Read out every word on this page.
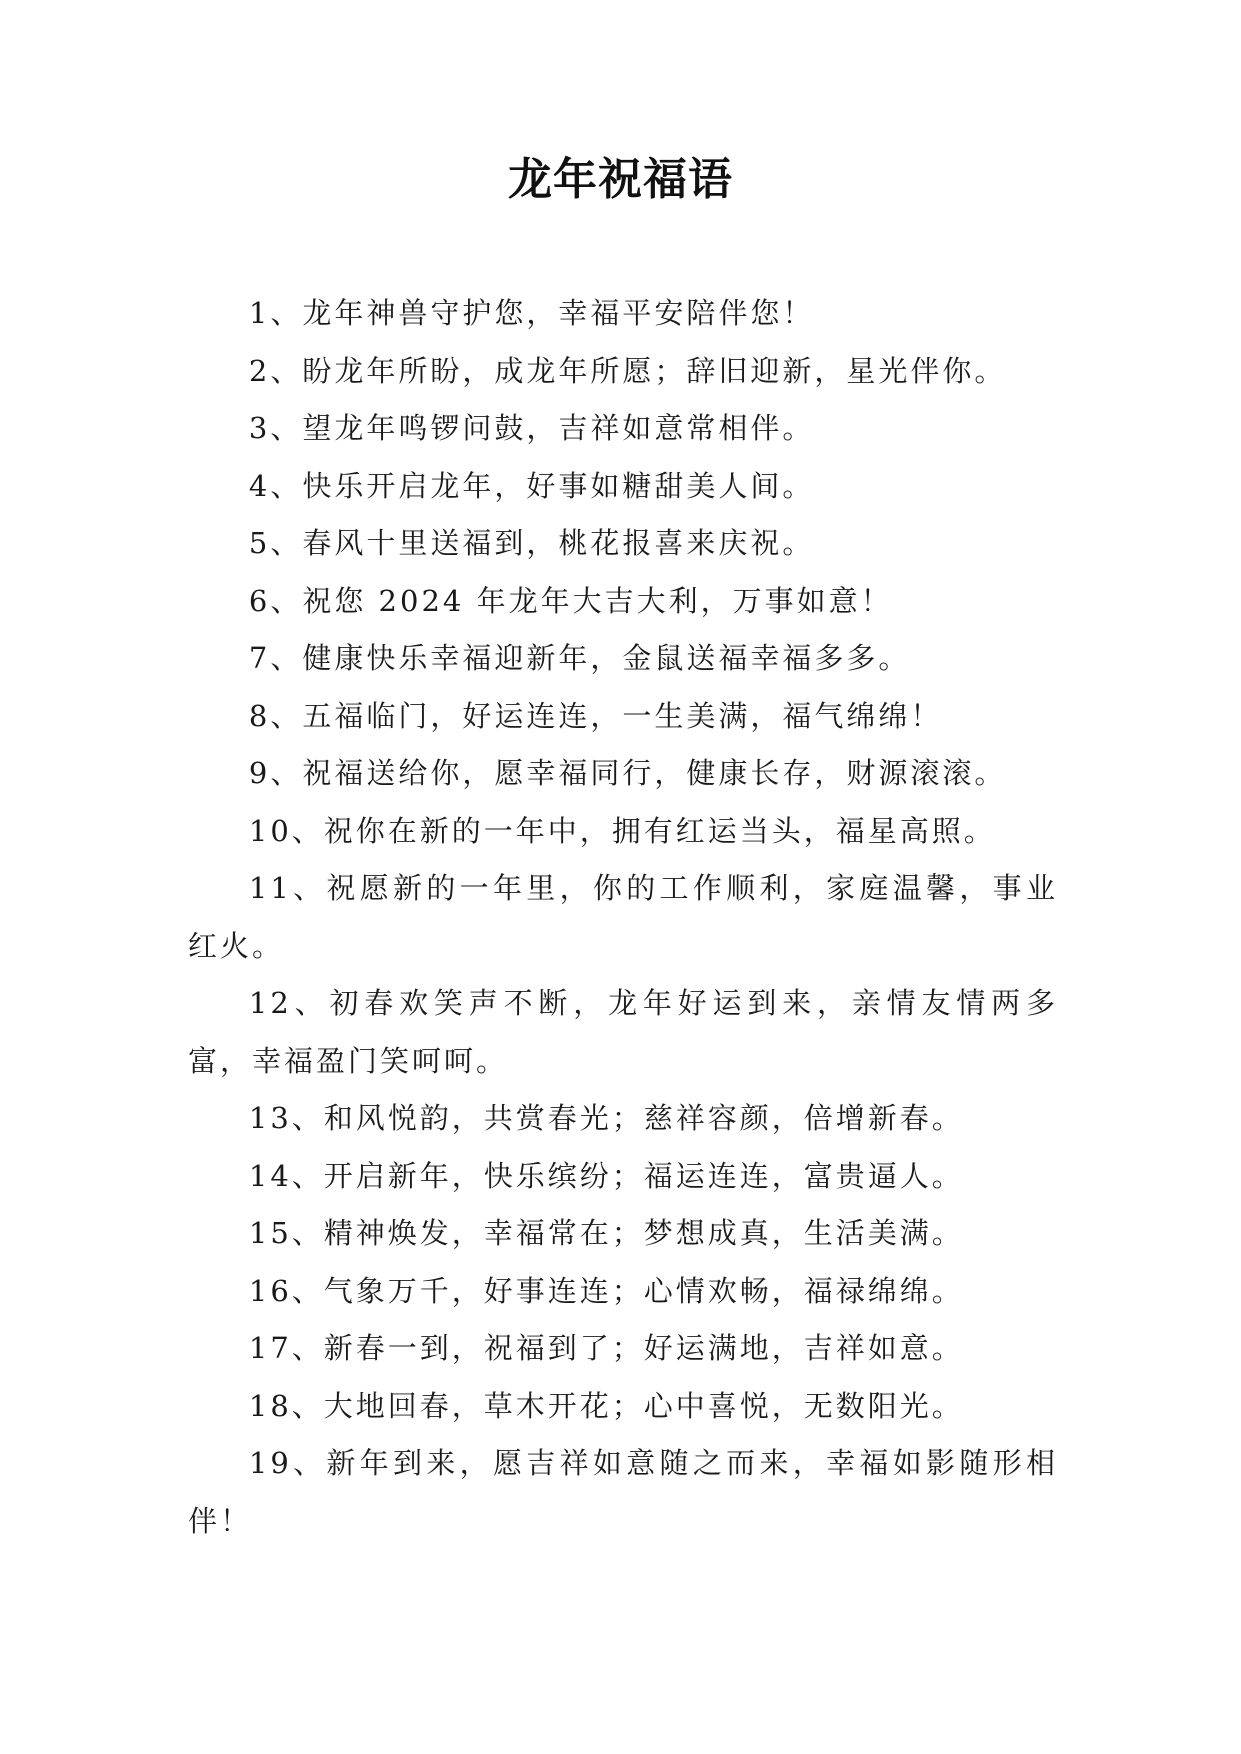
龙年祝福语

1、龙年神兽守护您，幸福平安陪伴您！

2、盼龙年所盼，成龙年所愿；辞旧迎新，星光伴你。

3、望龙年鸣锣问鼓，吉祥如意常相伴。

4、快乐开启龙年，好事如糖甜美人间。

5、春风十里送福到，桃花报喜来庆祝。

6、祝您 2024 年龙年大吉大利，万事如意！

7、健康快乐幸福迎新年，金鼠送福幸福多多。

8、五福临门，好运连连，一生美满，福气绵绵！

9、祝福送给你，愿幸福同行，健康长存，财源滚滚。

10、祝你在新的一年中，拥有红运当头，福星高照。

11、祝愿新的一年里，你的工作顺利，家庭温馨，事业红火。

12、初春欢笑声不断，龙年好运到来，亲情友情两多富，幸福盈门笑呵呵。

13、和风悦韵，共赏春光；慈祥容颜，倍增新春。

14、开启新年，快乐缤纷；福运连连，富贵逼人。

15、精神焕发，幸福常在；梦想成真，生活美满。

16、气象万千，好事连连；心情欢畅，福禄绵绵。

17、新春一到，祝福到了；好运满地，吉祥如意。

18、大地回春，草木开花；心中喜悦，无数阳光。

19、新年到来，愿吉祥如意随之而来，幸福如影随形相伴！
